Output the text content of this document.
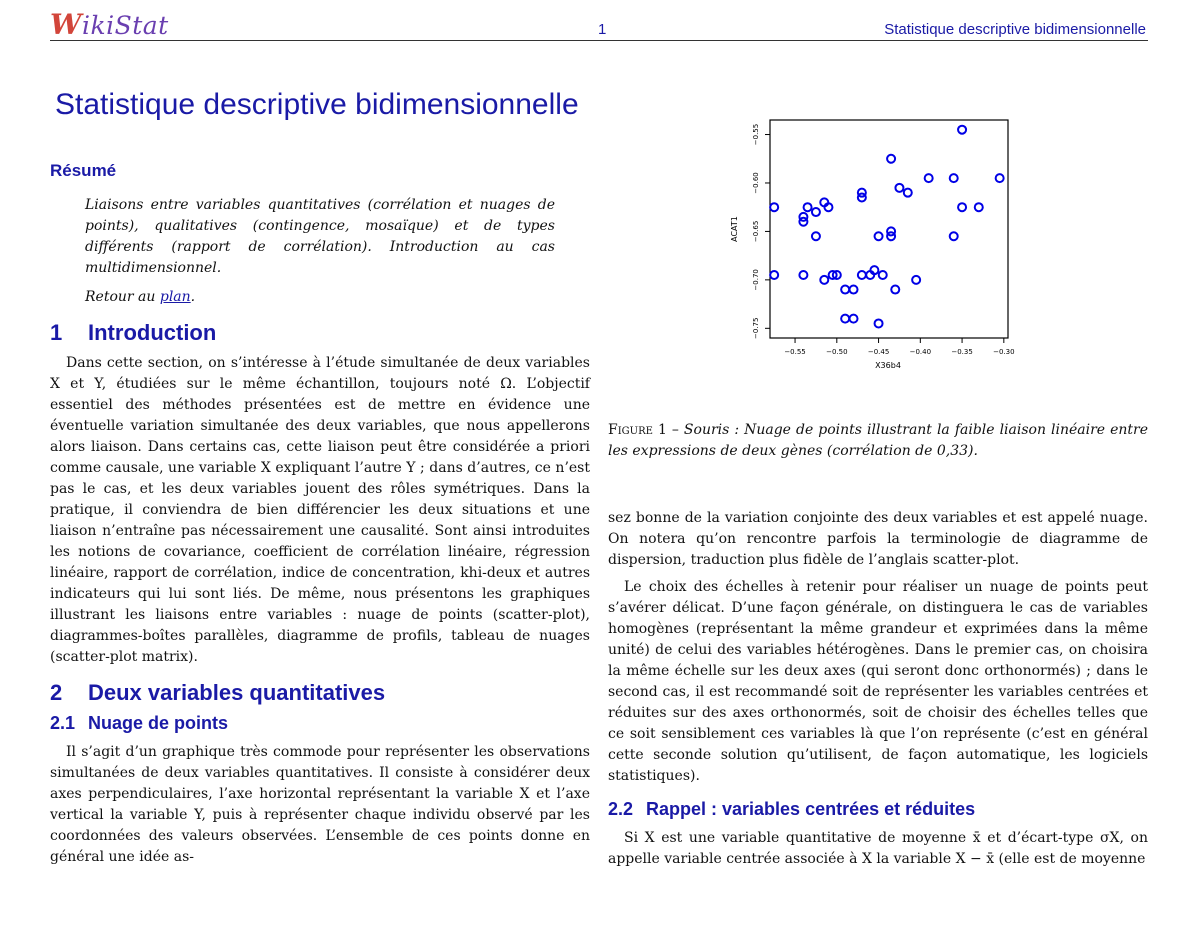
WikiStat	1	Statistique descriptive bidimensionnelle
Statistique descriptive bidimensionnelle
Résumé

Liaisons entre variables quantitatives (corrélation et nuages de points), qualitatives (contingence, mosaïque) et de types différents (rapport de corrélation). Introduction au cas multidimensionnel.

Retour au plan.

1 Introduction

Dans cette section, on s’intéresse à l’étude simultanée de deux variables X et Y, étudiées sur le même échantillon, toujours noté Ω. L’objectif essentiel des méthodes présentées est de mettre en évidence une éventuelle variation simultanée des deux variables, que nous appellerons alors liaison. Dans certains cas, cette liaison peut être considérée a priori comme causale, une variable X expliquant l’autre Y ; dans d’autres, ce n’est pas le cas, et les deux variables jouent des rôles symétriques. Dans la pratique, il conviendra de bien différencier les deux situations et une liaison n’entraîne pas nécessairement une causalité. Sont ainsi introduites les notions de covariance, coefficient de corrélation linéaire, régression linéaire, rapport de corrélation, indice de concentration, khi-deux et autres indicateurs qui lui sont liés. De même, nous présentons les graphiques illustrant les liaisons entre variables : nuage de points (scatter-plot), diagrammes-boîtes parallèles, diagramme de profils, tableau de nuages (scatter-plot matrix).

2 Deux variables quantitatives
2.1 Nuage de points

Il s’agit d’un graphique très commode pour représenter les observations simultanées de deux variables quantitatives. Il consiste à considérer deux axes perpendiculaires, l’axe horizontal représentant la variable X et l’axe vertical la variable Y, puis à représenter chaque individu observé par les coordonnées des valeurs observées. L’ensemble de ces points donne en général une idée as-

−0.55	−0.50	−0.45	−0.40	−0.35	−0.30
−0.55
−0.60
−0.65
−0.70
−0.75
X36b4
ACAT1
Figure 1 – Souris : Nuage de points illustrant la faible liaison linéaire entre les expressions de deux gènes (corrélation de 0,33).

sez bonne de la variation conjointe des deux variables et est appelé nuage. On notera qu’on rencontre parfois la terminologie de diagramme de dispersion, traduction plus fidèle de l’anglais scatter-plot.

Le choix des échelles à retenir pour réaliser un nuage de points peut s’avérer délicat. D’une façon générale, on distinguera le cas de variables homogènes (représentant la même grandeur et exprimées dans la même unité) de celui des variables hétérogènes. Dans le premier cas, on choisira la même échelle sur les deux axes (qui seront donc orthonormés) ; dans le second cas, il est recommandé soit de représenter les variables centrées et réduites sur des axes orthonormés, soit de choisir des échelles telles que ce soit sensiblement ces variables là que l’on représente (c’est en général cette seconde solution qu’utilisent, de façon automatique, les logiciels statistiques).

2.2 Rappel : variables centrées et réduites

Si X est une variable quantitative de moyenne x̄ et d’écart-type σX, on appelle variable centrée associée à X la variable X − x̄ (elle est de moyenne
